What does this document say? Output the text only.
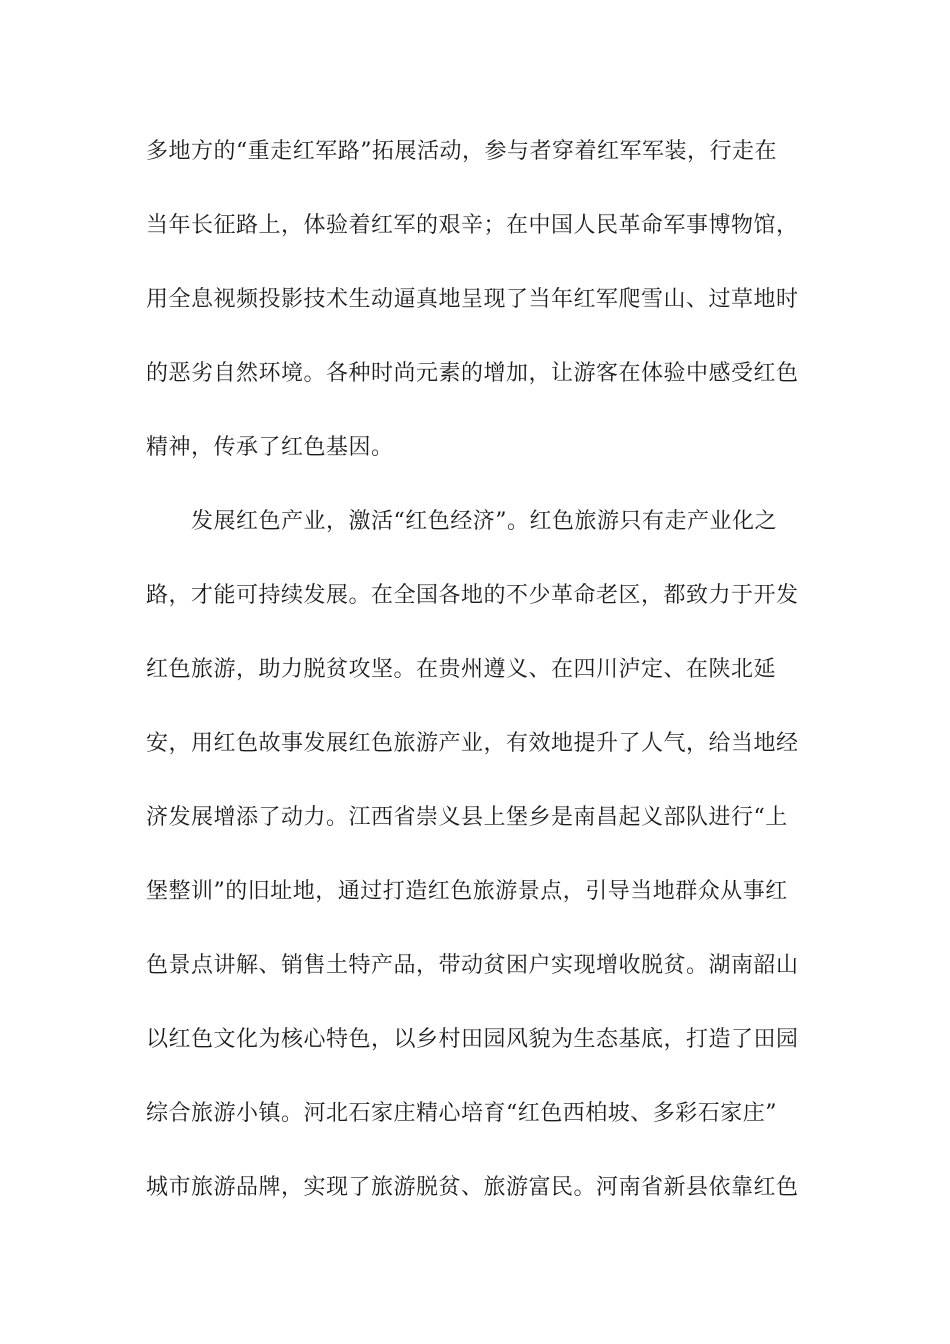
多地方的“重走红军路”拓展活动，参与者穿着红军军装，行走在
当年长征路上，体验着红军的艰辛；在中国人民革命军事博物馆，
用全息视频投影技术生动逼真地呈现了当年红军爬雪山、过草地时
的恶劣自然环境。各种时尚元素的增加，让游客在体验中感受红色
精神，传承了红色基因。
　　发展红色产业，激活“红色经济”。红色旅游只有走产业化之
路，才能可持续发展。在全国各地的不少革命老区，都致力于开发
红色旅游，助力脱贫攻坚。在贵州遵义、在四川泸定、在陕北延
安，用红色故事发展红色旅游产业，有效地提升了人气，给当地经
济发展增添了动力。江西省崇义县上堡乡是南昌起义部队进行“上
堡整训”的旧址地，通过打造红色旅游景点，引导当地群众从事红
色景点讲解、销售土特产品，带动贫困户实现增收脱贫。湖南韶山
以红色文化为核心特色，以乡村田园风貌为生态基底，打造了田园
综合旅游小镇。河北石家庄精心培育“红色西柏坡、多彩石家庄”
城市旅游品牌，实现了旅游脱贫、旅游富民。河南省新县依靠红色
